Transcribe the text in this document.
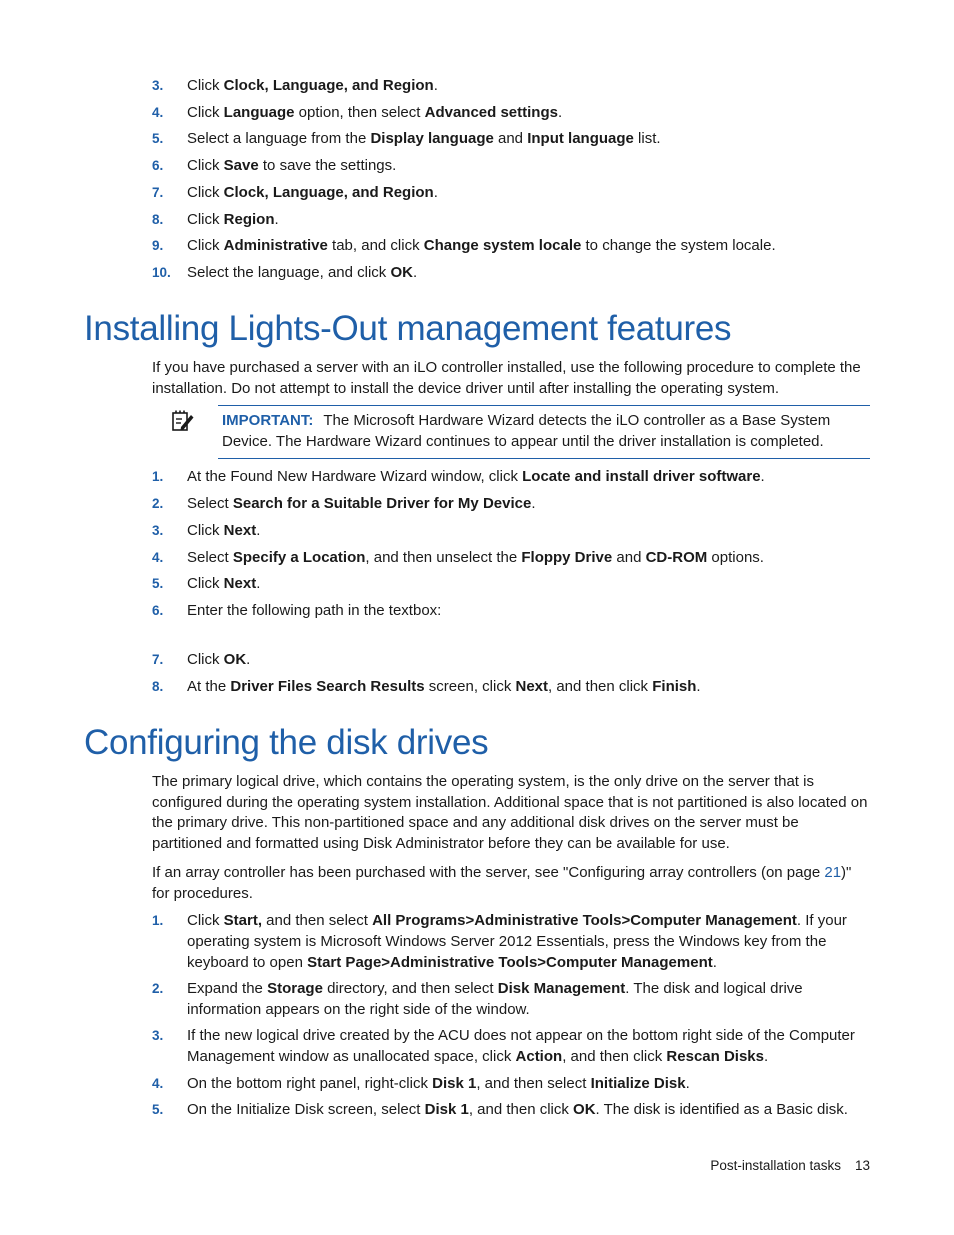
3. Click Clock, Language, and Region.
4. Click Language option, then select Advanced settings.
5. Select a language from the Display language and Input language list.
6. Click Save to save the settings.
7. Click Clock, Language, and Region.
8. Click Region.
9. Click Administrative tab, and click Change system locale to change the system locale.
10. Select the language, and click OK.
Installing Lights-Out management features

If you have purchased a server with an iLO controller installed, use the following procedure to complete the installation. Do not attempt to install the device driver until after installing the operating system.

IMPORTANT: The Microsoft Hardware Wizard detects the iLO controller as a Base System Device. The Hardware Wizard continues to appear until the driver installation is completed.
1. At the Found New Hardware Wizard window, click Locate and install driver software.
2. Select Search for a Suitable Driver for My Device.
3. Click Next.
4. Select Specify a Location, and then unselect the Floppy Drive and CD-ROM options.
5. Click Next.
6. Enter the following path in the textbox:
7. Click OK.
8. At the Driver Files Search Results screen, click Next, and then click Finish.
Configuring the disk drives

The primary logical drive, which contains the operating system, is the only drive on the server that is configured during the operating system installation. Additional space that is not partitioned is also located on the primary drive. This non-partitioned space and any additional disk drives on the server must be partitioned and formatted using Disk Administrator before they can be available for use.

If an array controller has been purchased with the server, see "Configuring array controllers (on page 21)" for procedures.

1. Click Start, and then select All Programs>Administrative Tools>Computer Management. If your operating system is Microsoft Windows Server 2012 Essentials, press the Windows key from the keyboard to open Start Page>Administrative Tools>Computer Management.
2. Expand the Storage directory, and then select Disk Management. The disk and logical drive information appears on the right side of the window.
3. If the new logical drive created by the ACU does not appear on the bottom right side of the Computer Management window as unallocated space, click Action, and then click Rescan Disks.
4. On the bottom right panel, right-click Disk 1, and then select Initialize Disk.
5. On the Initialize Disk screen, select Disk 1, and then click OK. The disk is identified as a Basic disk.
Post-installation tasks 13
